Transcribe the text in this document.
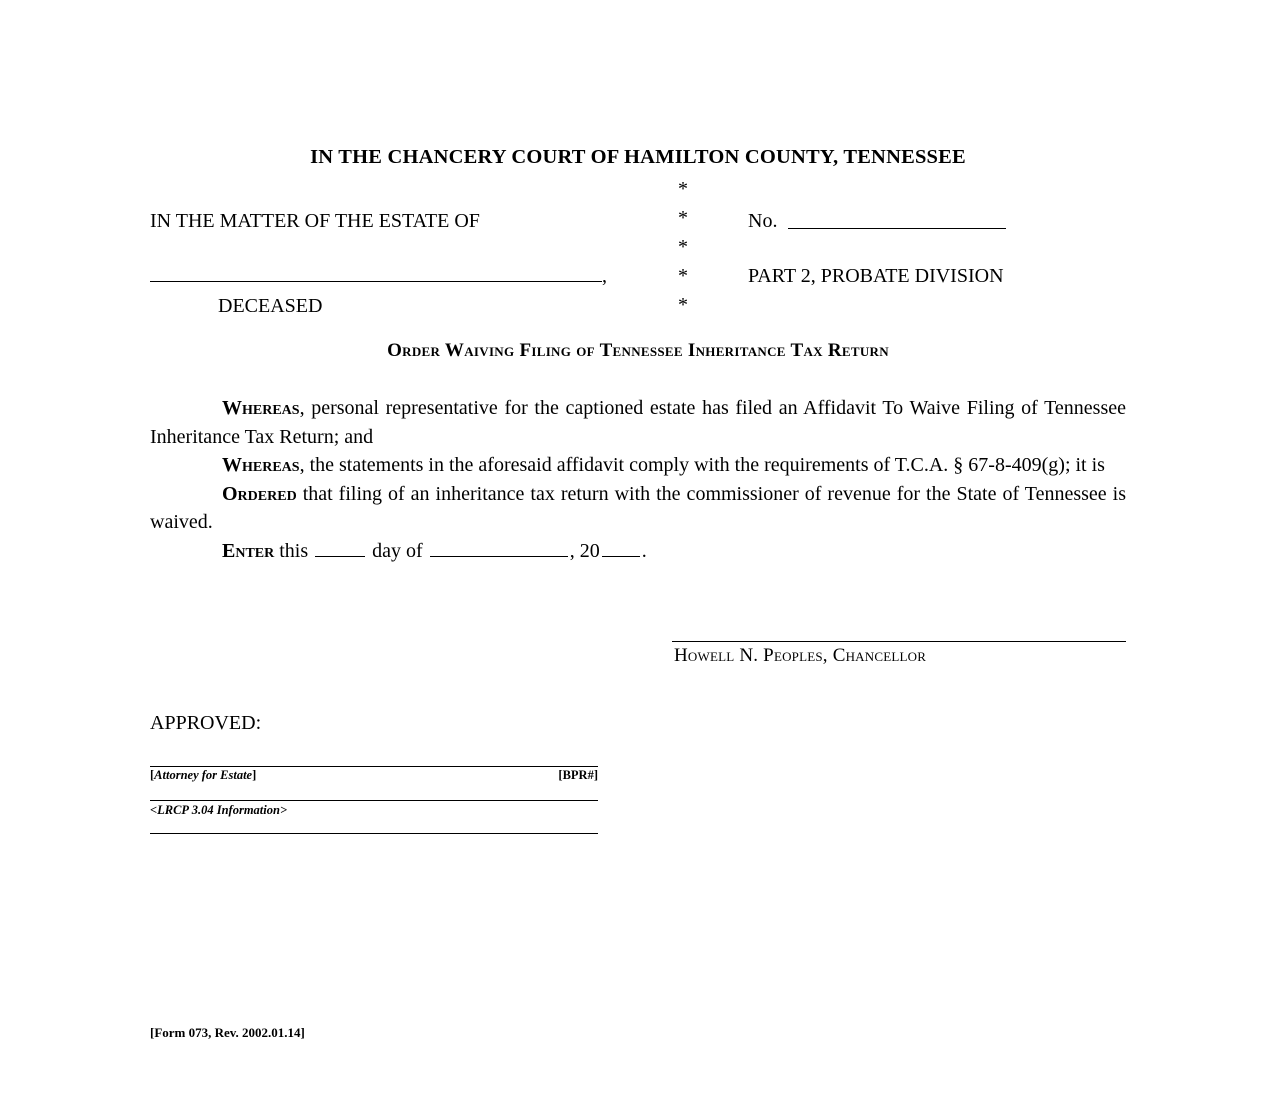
IN THE CHANCERY COURT OF HAMILTON COUNTY, TENNESSEE
*
IN THE MATTER OF THE ESTATE OF	*	No.
*
,	*	PART 2, PROBATE DIVISION
DECEASED	*
Order Waiving Filing of Tennessee Inheritance Tax Return

Whereas, personal representative for the captioned estate has filed an Affidavit To Waive Filing of Tennessee Inheritance Tax Return; and

Whereas, the statements in the aforesaid affidavit comply with the requirements of T.C.A. § 67-8-409(g); it is

Ordered that filing of an inheritance tax return with the commissioner of revenue for the State of Tennessee is waived.

Enter this	day of	, 20 .

Howell N. Peoples, Chancellor
APPROVED:
[Attorney for Estate]	[BPR#]
<LRCP 3.04 Information>
[Form 073, Rev. 2002.01.14]
